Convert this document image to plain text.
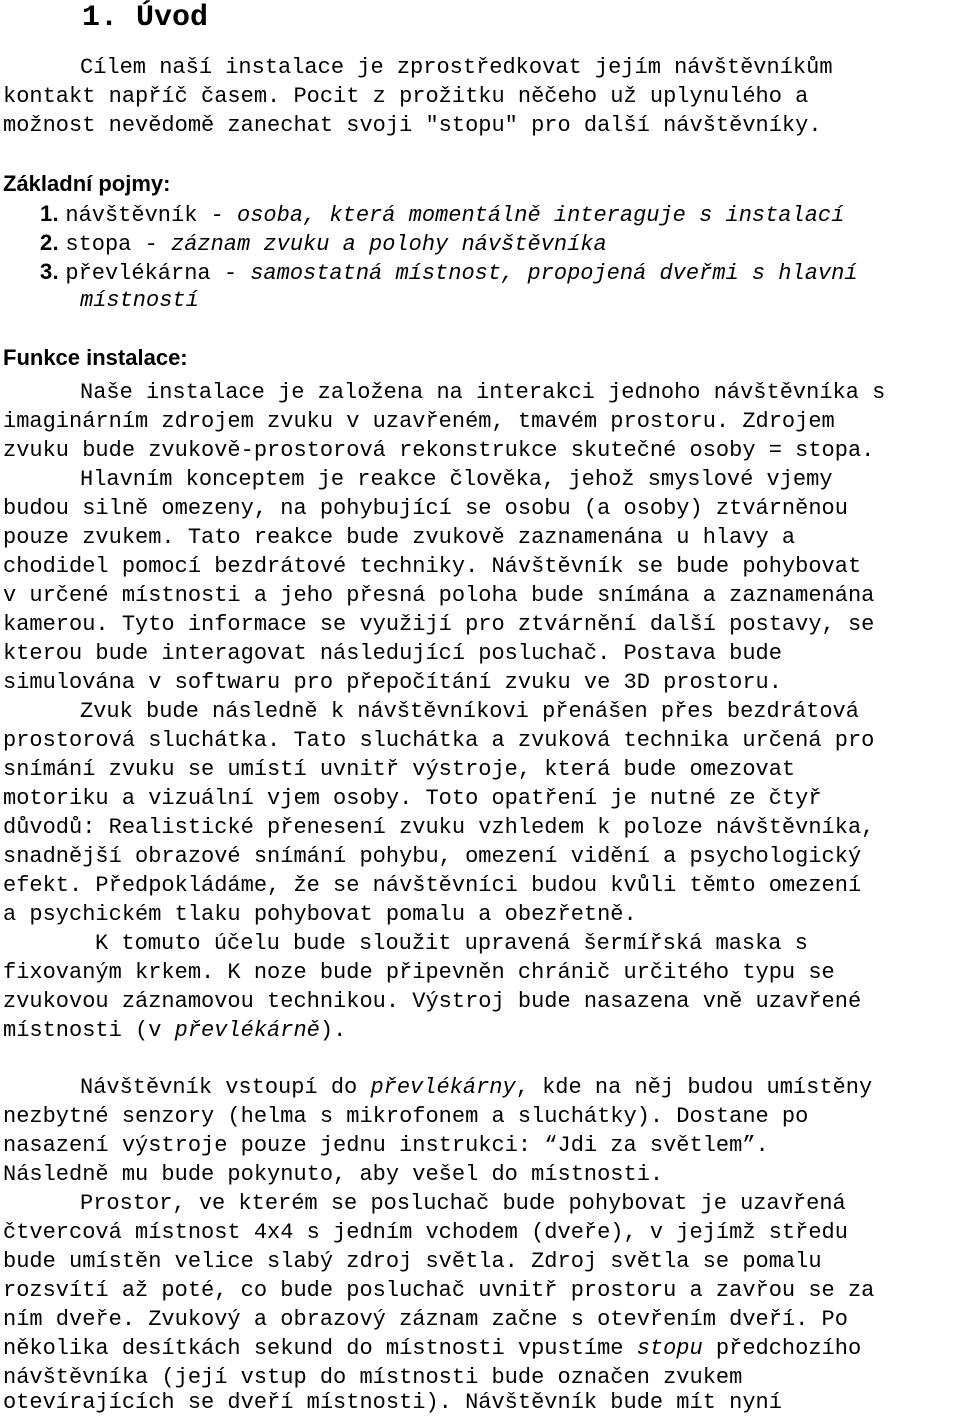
1. Úvod
Cílem naší instalace je zprostředkovat jejím návštěvníkům
kontakt napříč časem. Pocit z prožitku něčeho už uplynulého a
možnost nevědomě zanechat svoji "stopu" pro další návštěvníky.
Základní pojmy:
1. návštěvník - osoba, která momentálně interaguje s instalací
2. stopa - záznam zvuku a polohy návštěvníka
3. převlékárna - samostatná místnost, propojená dveřmi s hlavní
místností
Funkce instalace:
Naše instalace je založena na interakci jednoho návštěvníka s
imaginárním zdrojem zvuku v uzavřeném, tmavém prostoru. Zdrojem
zvuku bude zvukově-prostorová rekonstrukce skutečné osoby = stopa.
Hlavním konceptem je reakce člověka, jehož smyslové vjemy
budou silně omezeny, na pohybující se osobu (a osoby) ztvárněnou
pouze zvukem. Tato reakce bude zvukově zaznamenána u hlavy a
chodidel pomocí bezdrátové techniky. Návštěvník se bude pohybovat
v určené místnosti a jeho přesná poloha bude snímána a zaznamenána
kamerou. Tyto informace se využijí pro ztvárnění další postavy, se
kterou bude interagovat následující posluchač. Postava bude
simulována v softwaru pro přepočítání zvuku ve 3D prostoru.
Zvuk bude následně k návštěvníkovi přenášen přes bezdrátová
prostorová sluchátka. Tato sluchátka a zvuková technika určená pro
snímání zvuku se umístí uvnitř výstroje, která bude omezovat
motoriku a vizuální vjem osoby. Toto opatření je nutné ze čtyř
důvodů: Realistické přenesení zvuku vzhledem k poloze návštěvníka,
snadnější obrazové snímání pohybu, omezení vidění a psychologický
efekt. Předpokládáme, že se návštěvníci budou kvůli těmto omezení
a psychickém tlaku pohybovat pomalu a obezřetně.
K tomuto účelu bude sloužit upravená šermířská maska s
fixovaným krkem. K noze bude připevněn chránič určitého typu se
zvukovou záznamovou technikou. Výstroj bude nasazena vně uzavřené
místnosti (v převlékárně).
Návštěvník vstoupí do převlékárny, kde na něj budou umístěny
nezbytné senzory (helma s mikrofonem a sluchátky). Dostane po
nasazení výstroje pouze jednu instrukci: “Jdi za světlem”.
Následně mu bude pokynuto, aby vešel do místnosti.
Prostor, ve kterém se posluchač bude pohybovat je uzavřená
čtvercová místnost 4x4 s jedním vchodem (dveře), v jejímž středu
bude umístěn velice slabý zdroj světla. Zdroj světla se pomalu
rozsvítí až poté, co bude posluchač uvnitř prostoru a zavřou se za
ním dveře. Zvukový a obrazový záznam začne s otevřením dveří. Po
několika desítkách sekund do místnosti vpustíme stopu předchozího
návštěvníka (její vstup do místnosti bude označen zvukem
otevírajících se dveří místnosti). Návštěvník bude mít nyní
